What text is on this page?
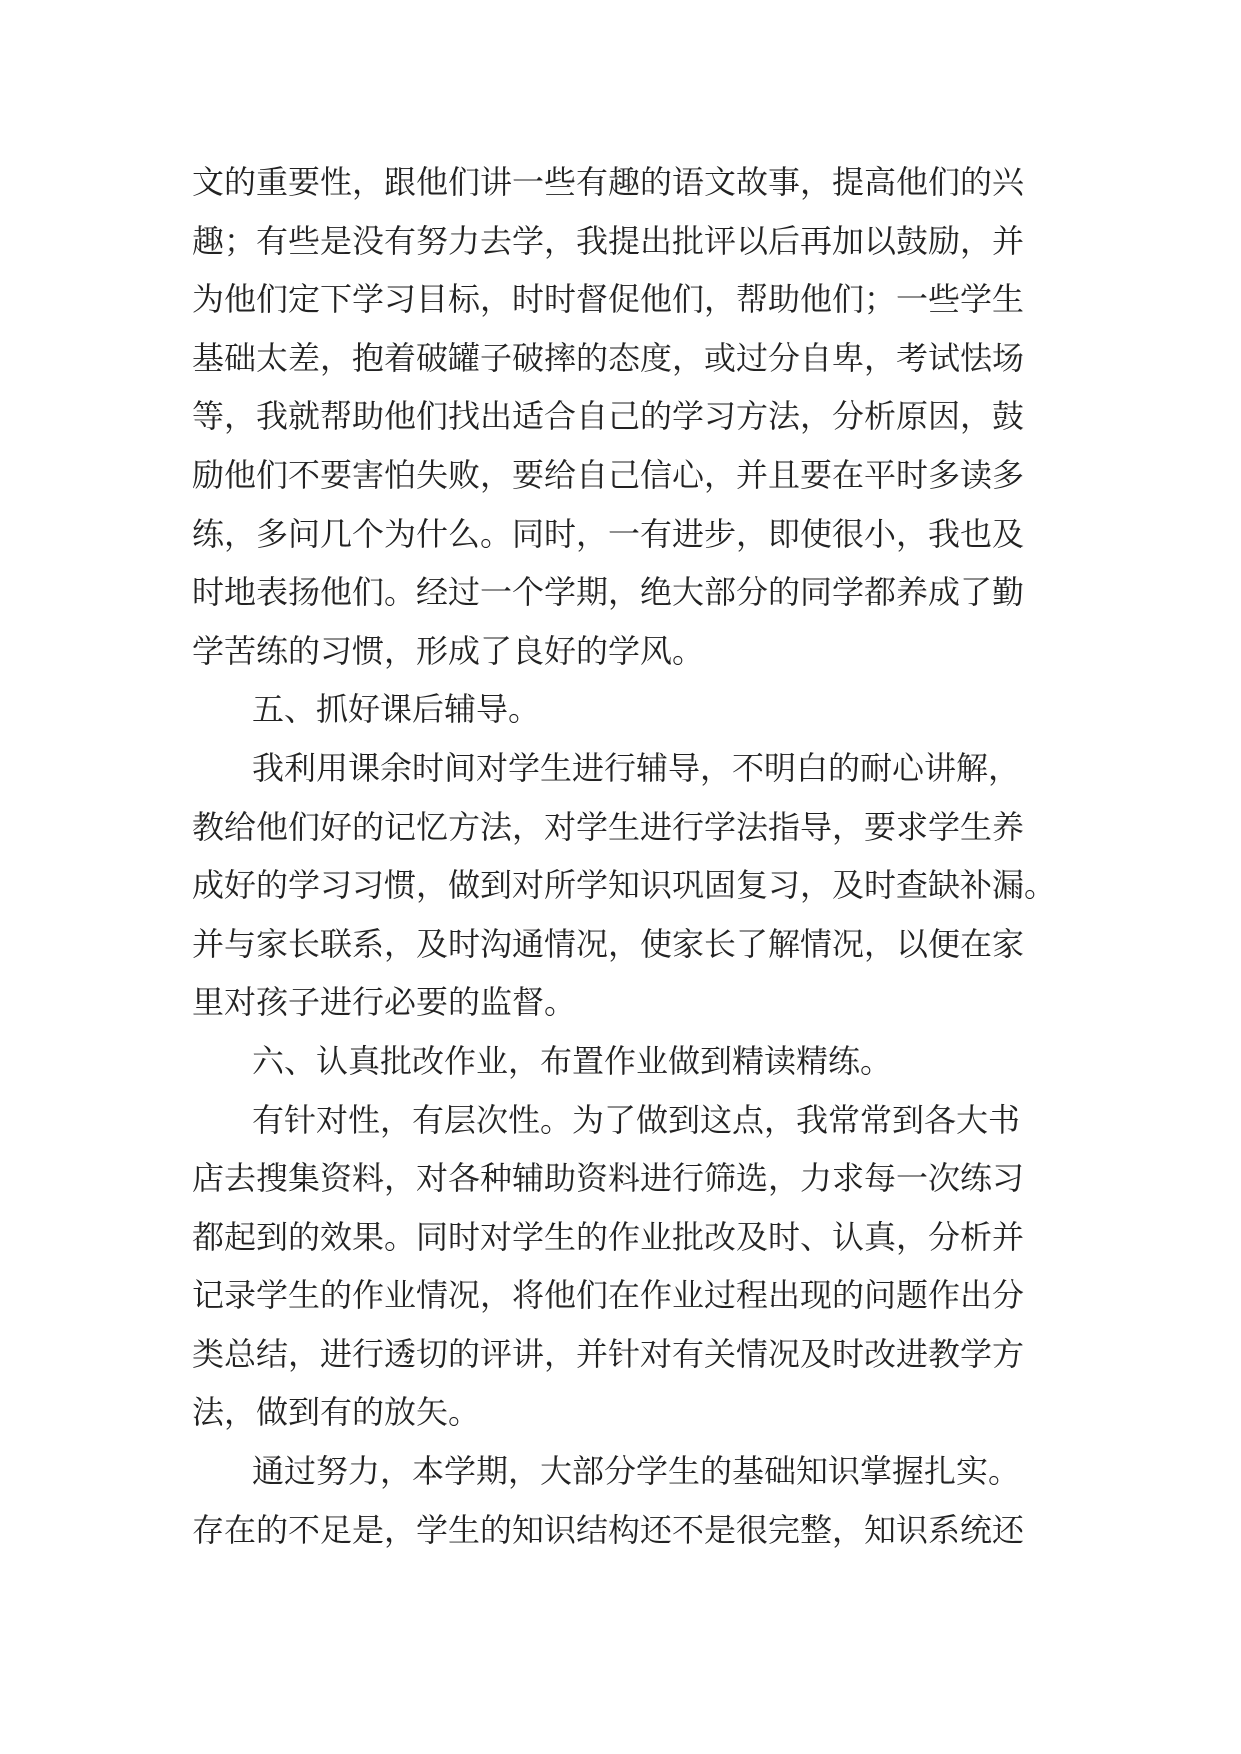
文的重要性，跟他们讲一些有趣的语文故事，提高他们的兴
趣；有些是没有努力去学，我提出批评以后再加以鼓励，并
为他们定下学习目标，时时督促他们，帮助他们；一些学生
基础太差，抱着破罐子破摔的态度，或过分自卑，考试怯场
等，我就帮助他们找出适合自己的学习方法，分析原因，鼓
励他们不要害怕失败，要给自己信心，并且要在平时多读多
练，多问几个为什么。同时，一有进步，即使很小，我也及
时地表扬他们。经过一个学期，绝大部分的同学都养成了勤
学苦练的习惯，形成了良好的学风。
五、抓好课后辅导。
我利用课余时间对学生进行辅导，不明白的耐心讲解，
教给他们好的记忆方法，对学生进行学法指导，要求学生养
成好的学习习惯，做到对所学知识巩固复习，及时查缺补漏。
并与家长联系，及时沟通情况，使家长了解情况，以便在家
里对孩子进行必要的监督。
六、认真批改作业，布置作业做到精读精练。
有针对性，有层次性。为了做到这点，我常常到各大书
店去搜集资料，对各种辅助资料进行筛选，力求每一次练习
都起到的效果。同时对学生的作业批改及时、认真，分析并
记录学生的作业情况，将他们在作业过程出现的问题作出分
类总结，进行透切的评讲，并针对有关情况及时改进教学方
法，做到有的放矢。
通过努力，本学期，大部分学生的基础知识掌握扎实。
存在的不足是，学生的知识结构还不是很完整，知识系统还
